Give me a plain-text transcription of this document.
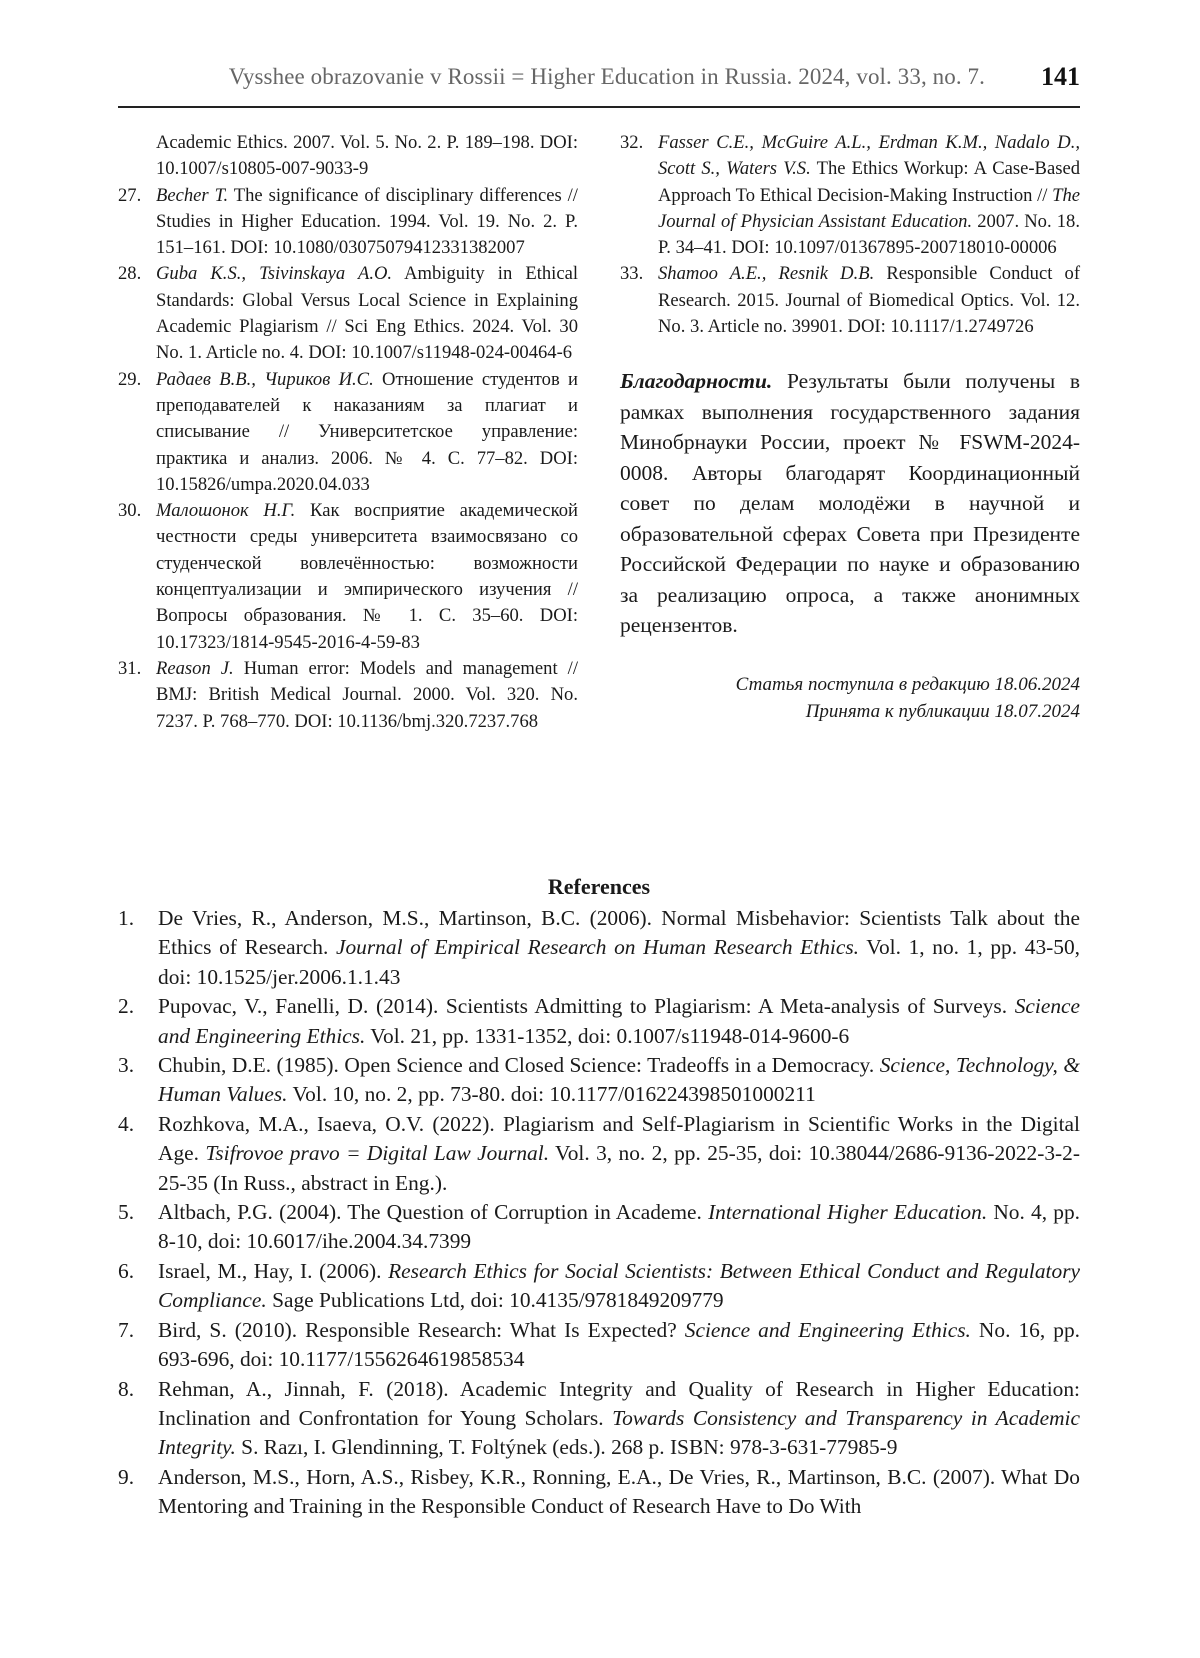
Vysshee obrazovanie v Rossii = Higher Education in Russia. 2024, vol. 33, no. 7. 141
Academic Ethics. 2007. Vol. 5. No. 2. P. 189–198. DOI: 10.1007/s10805-007-9033-9
27. Becher T. The significance of disciplinary differences // Studies in Higher Education. 1994. Vol. 19. No. 2. P. 151–161. DOI: 10.1080/03075079412331382007
28. Guba K.S., Tsivinskaya A.O. Ambiguity in Ethical Standards: Global Versus Local Science in Explaining Academic Plagiarism // Sci Eng Ethics. 2024. Vol. 30 No. 1. Article no. 4. DOI: 10.1007/s11948-024-00464-6
29. Радаев В.В., Чириков И.С. Отношение студентов и преподавателей к наказаниям за плагиат и списывание // Университетское управление: практика и анализ. 2006. № 4. С. 77–82. DOI: 10.15826/umpa.2020.04.033
30. Малошонок Н.Г. Как восприятие академической честности среды университета взаимосвязано со студенческой вовлечённостью: возможности концептуализации и эмпирического изучения // Вопросы образования. № 1. С. 35–60. DOI: 10.17323/1814-9545-2016-4-59-83
31. Reason J. Human error: Models and management // BMJ: British Medical Journal. 2000. Vol. 320. No. 7237. P. 768–770. DOI: 10.1136/bmj.320.7237.768
32. Fasser C.E., McGuire A.L., Erdman K.M., Nadalo D., Scott S., Waters V.S. The Ethics Workup: A Case-Based Approach To Ethical Decision-Making Instruction // The Journal of Physician Assistant Education. 2007. No. 18. P. 34–41. DOI: 10.1097/01367895-200718010-00006
33. Shamoo A.E., Resnik D.B. Responsible Conduct of Research. 2015. Journal of Biomedical Optics. Vol. 12. No. 3. Article no. 39901. DOI: 10.1117/1.2749726
Благодарности. Результаты были получены в рамках выполнения государственного задания Минобрнауки России, проект № FSWM-2024-0008. Авторы благодарят Координационный совет по делам молодёжи в научной и образовательной сферах Совета при Президенте Российской Федерации по науке и образованию за реализацию опроса, а также анонимных рецензентов.
Статья поступила в редакцию 18.06.2024
Принята к публикации 18.07.2024
References
1.	De Vries, R., Anderson, M.S., Martinson, B.C. (2006). Normal Misbehavior: Scientists Talk about the Ethics of Research. Journal of Empirical Research on Human Research Ethics. Vol. 1, no. 1, pp. 43-50, doi: 10.1525/jer.2006.1.1.43
2.	Pupovac, V., Fanelli, D. (2014). Scientists Admitting to Plagiarism: A Meta-analysis of Surveys. Science and Engineering Ethics. Vol. 21, pp. 1331-1352, doi: 0.1007/s11948-014-9600-6
3.	Chubin, D.E. (1985). Open Science and Closed Science: Tradeoffs in a Democracy. Science, Technology, & Human Values. Vol. 10, no. 2, pp. 73-80. doi: 10.1177/016224398501000211
4.	Rozhkova, M.A., Isaeva, O.V. (2022). Plagiarism and Self-Plagiarism in Scientific Works in the Digital Age. Tsifrovoe pravo = Digital Law Journal. Vol. 3, no. 2, pp. 25-35, doi: 10.38044/2686-9136-2022-3-2-25-35 (In Russ., abstract in Eng.).
5.	Altbach, P.G. (2004). The Question of Corruption in Academe. International Higher Education. No. 4, pp. 8-10, doi: 10.6017/ihe.2004.34.7399
6.	Israel, M., Hay, I. (2006). Research Ethics for Social Scientists: Between Ethical Conduct and Regulatory Compliance. Sage Publications Ltd, doi: 10.4135/9781849209779
7.	Bird, S. (2010). Responsible Research: What Is Expected? Science and Engineering Ethics. No. 16, pp. 693-696, doi: 10.1177/1556264619858534
8.	Rehman, A., Jinnah, F. (2018). Academic Integrity and Quality of Research in Higher Education: Inclination and Confrontation for Young Scholars. Towards Consistency and Transparency in Academic Integrity. S. Razı, I. Glendinning, T. Foltýnek (eds.). 268 p. ISBN: 978-3-631-77985-9
9.	Anderson, M.S., Horn, A.S., Risbey, K.R., Ronning, E.A., De Vries, R., Martinson, B.C. (2007). What Do Mentoring and Training in the Responsible Conduct of Research Have to Do With
